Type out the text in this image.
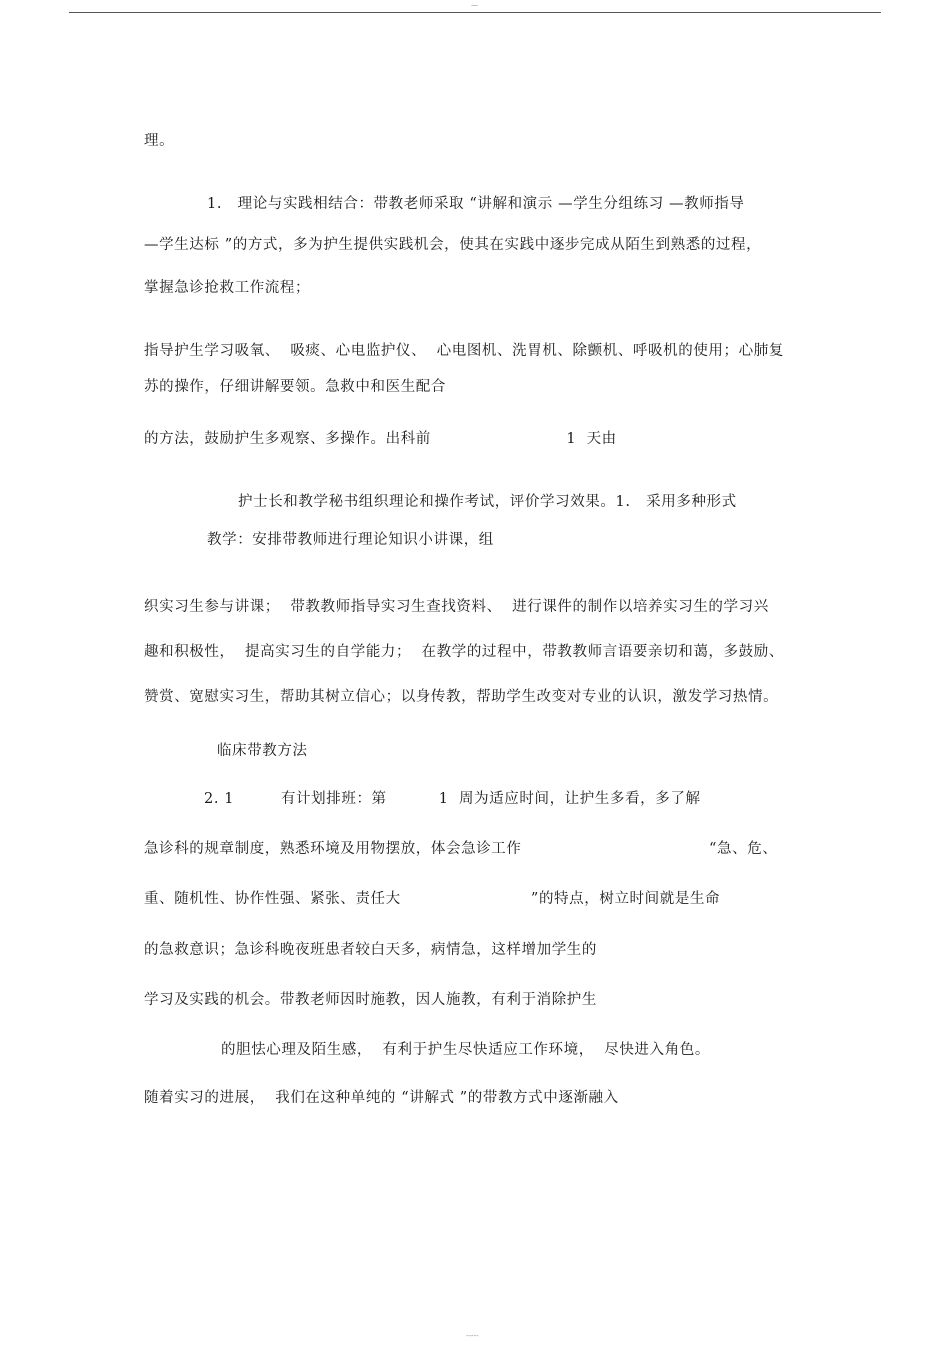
—
理。
1.   理论与实践相结合：带教老师采取 “讲解和演示 —学生分组练习 —教师指导
—学生达标 ”的方式，多为护生提供实践机会，使其在实践中逐步完成从陌生到熟悉的过程，
掌握急诊抢救工作流程；
指导护生学习吸氧、  吸痰、心电监护仪、  心电图机、洗胃机、除颤机、呼吸机的使用；心肺复
苏的操作，仔细讲解要领。急救中和医生配合
的方法，鼓励护生多观察、多操作。出科前                          1  天由
护士长和教学秘书组织理论和操作考试，评价学习效果。1.   采用多种形式
教学：安排带教师进行理论知识小讲课，组
织实习生参与讲课；  带教教师指导实习生查找资料、  进行课件的制作以培养实习生的学习兴
趣和积极性，  提高实习生的自学能力；  在教学的过程中，带教教师言语要亲切和蔼，多鼓励、
赞赏、宽慰实习生，帮助其树立信心；以身传教，帮助学生改变对专业的认识，激发学习热情。
临床带教方法
2. 1         有计划排班：第          1  周为适应时间，让护生多看，多了解
急诊科的规章制度，熟悉环境及用物摆放，体会急诊工作                                    “急、危、
重、随机性、协作性强、紧张、责任大                         ”的特点，树立时间就是生命
的急救意识；急诊科晚夜班患者较白天多，病情急，这样增加学生的
学习及实践的机会。带教老师因时施教，因人施教，有利于消除护生
的胆怯心理及陌生感，  有利于护生尽快适应工作环境，  尽快进入角色。
随着实习的进展，  我们在这种单纯的 “讲解式 ”的带教方式中逐渐融入
-----
